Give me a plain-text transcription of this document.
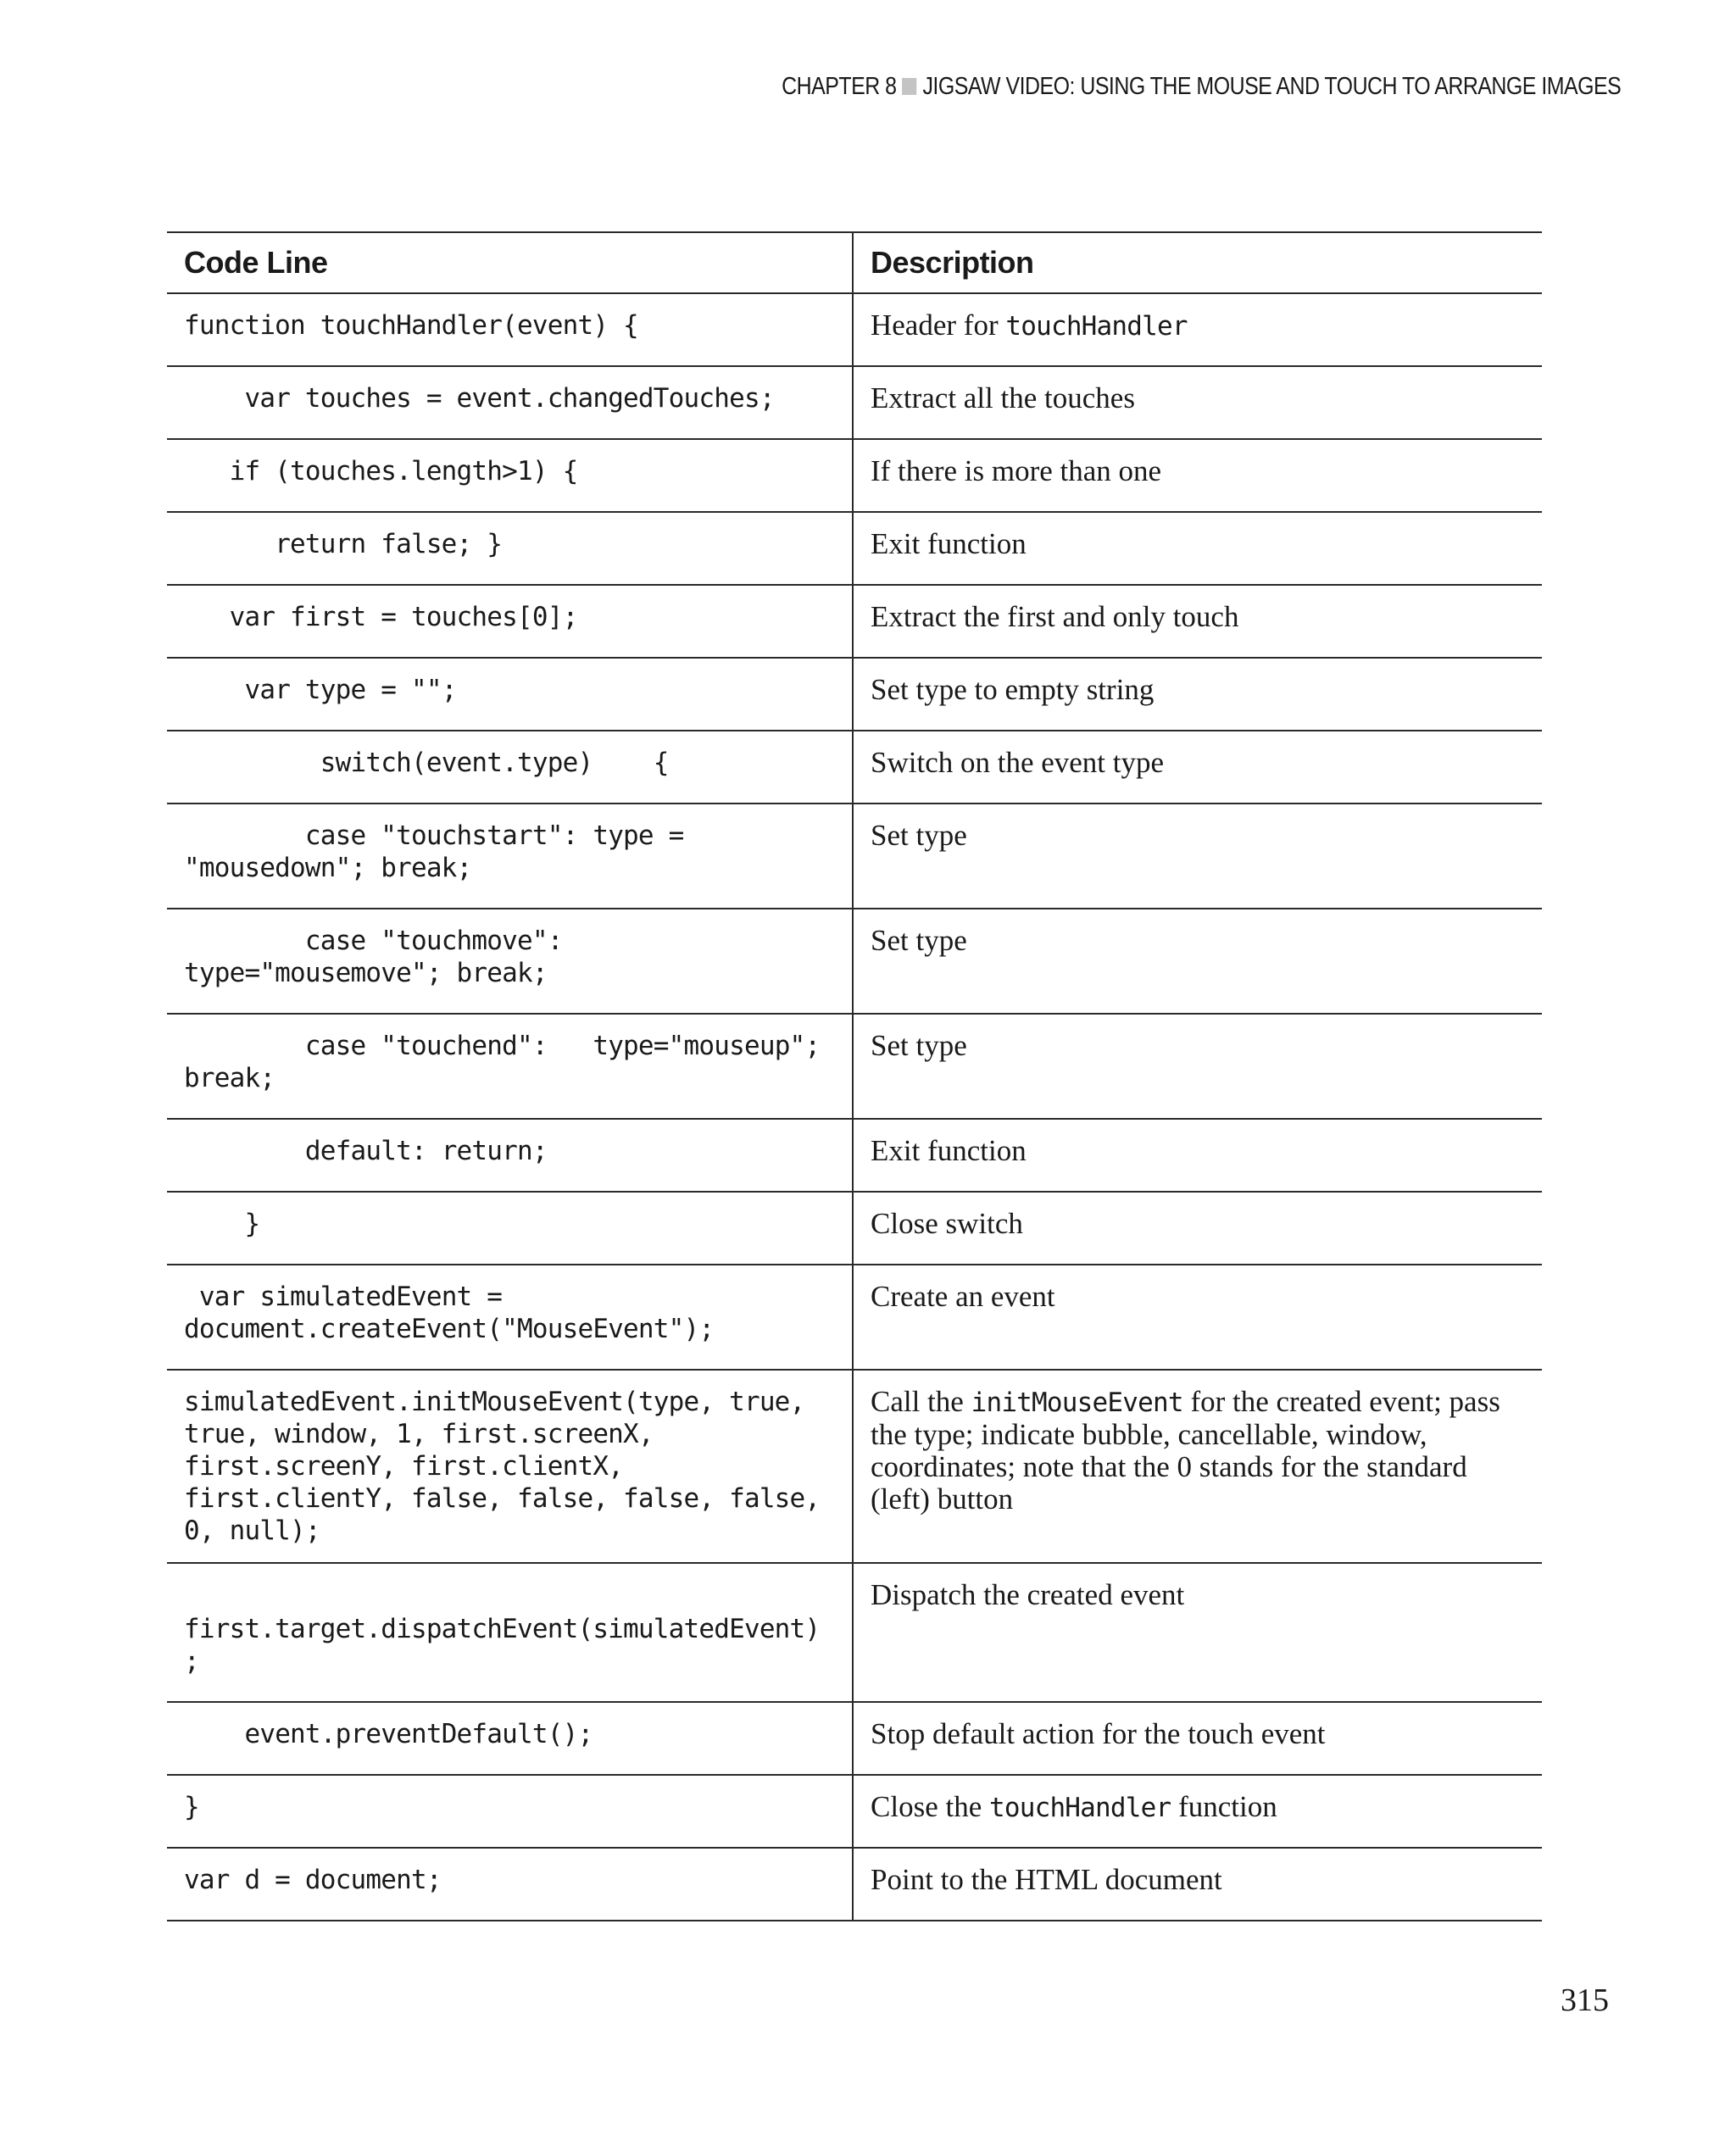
CHAPTER 8 JIGSAW VIDEO: USING THE MOUSE AND TOUCH TO ARRANGE IMAGES
Code Line	Description
function touchHandler(event) {	Header for touchHandler
var touches = event.changedTouches;	Extract all the touches
if (touches.length>1) {	If there is more than one
return false; }	Exit function
var first = touches[0];	Extract the first and only touch
var type = "";	Set type to empty string
switch(event.type)    {	Switch on the event type
case "touchstart": type = "mousedown"; break;	Set type
case "touchmove":  type="mousemove"; break;	Set type
case "touchend":   type="mouseup"; break;	Set type
default: return;	Exit function
}	Close switch
var simulatedEvent = document.createEvent("MouseEvent");	Create an event
simulatedEvent.initMouseEvent(type, true, true, window, 1, first.screenX, first.screenY, first.clientX, first.clientY, false, false, false, false, 0, null);	Call the initMouseEvent for the created event; pass the type; indicate bubble, cancellable, window, coordinates; note that the 0 stands for the standard (left) button
first.target.dispatchEvent(simulatedEvent);	Dispatch the created event
event.preventDefault();	Stop default action for the touch event
}	Close the touchHandler function
var d = document;	Point to the HTML document
315
